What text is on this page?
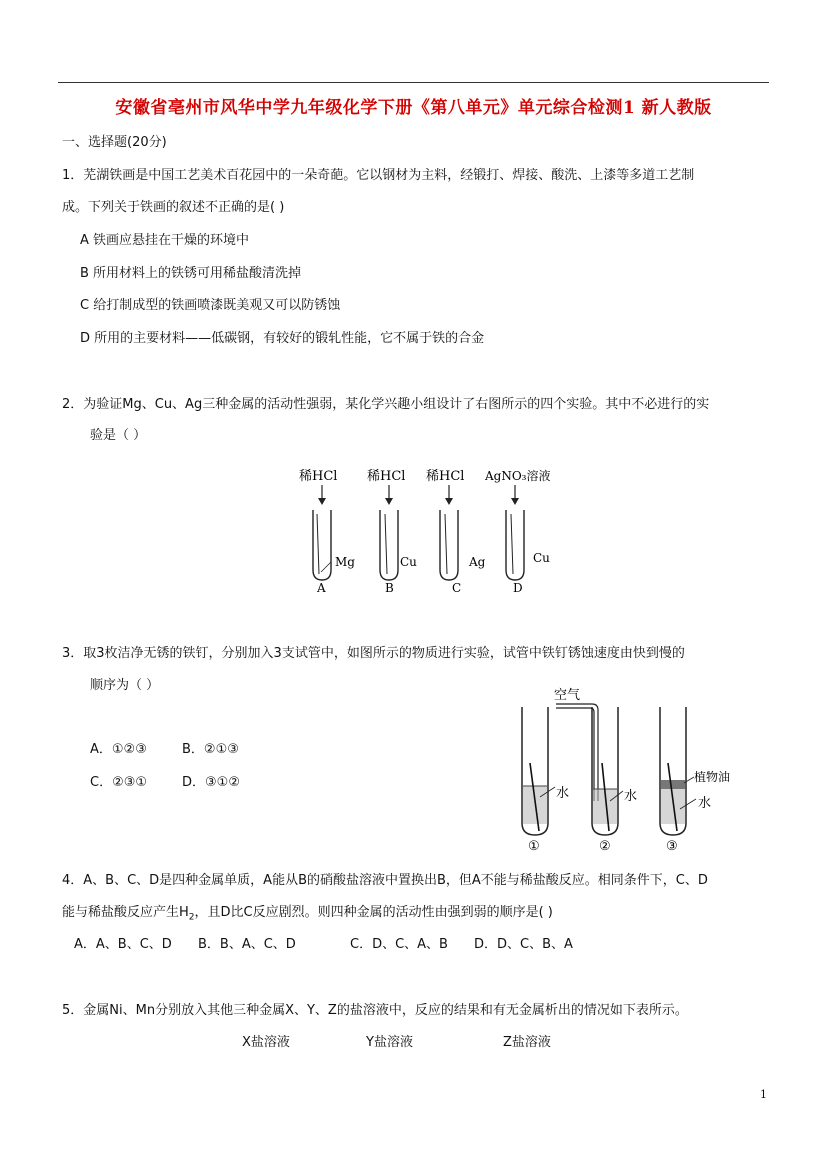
安徽省亳州市风华中学九年级化学下册《第八单元》单元综合检测1 新人教版
一、选择题(20分)
1．芜湖铁画是中国工艺美术百花园中的一朵奇葩。它以钢材为主料，经锻打、焊接、酸洗、上漆等多道工艺制
成。下列关于铁画的叙述不正确的是( )
A 铁画应悬挂在干燥的环境中
B 所用材料上的铁锈可用稀盐酸清洗掉
C 给打制成型的铁画喷漆既美观又可以防锈蚀
D 所用的主要材料——低碳钢，有较好的锻轧性能，它不属于铁的合金
2．为验证Mg、Cu、Ag三种金属的活动性强弱，某化学兴趣小组设计了右图所示的四个实验。其中不必进行的实
验是（ ）
稀HCl
Mg
A
稀HCl
Cu
B
稀HCl
Ag
C
AgNO₃溶液
Cu
D
3．取3枚洁净无锈的铁钉，分别加入3支试管中，如图所示的物质进行实验，试管中铁钉锈蚀速度由快到慢的
顺序为（ ）
A．①②③	B．②①③
C．②③①	D．③①②
水
①
空气
水
②
植物油
水
③
4．A、B、C、D是四种金属单质，A能从B的硝酸盐溶液中置换出B，但A不能与稀盐酸反应。相同条件下，C、D
能与稀盐酸反应产生$H_2$，且D比C反应剧烈。则四种金属的活动性由强到弱的顺序是( )
A．A、B、C、D B．B、A、C、D	C．D、C、A、B D．D、C、B、A
5．金属Ni、Mn分别放入其他三种金属X、Y、Z的盐溶液中，反应的结果和有无金属析出的情况如下表所示。
X盐溶液	Y盐溶液	Z盐溶液
1
